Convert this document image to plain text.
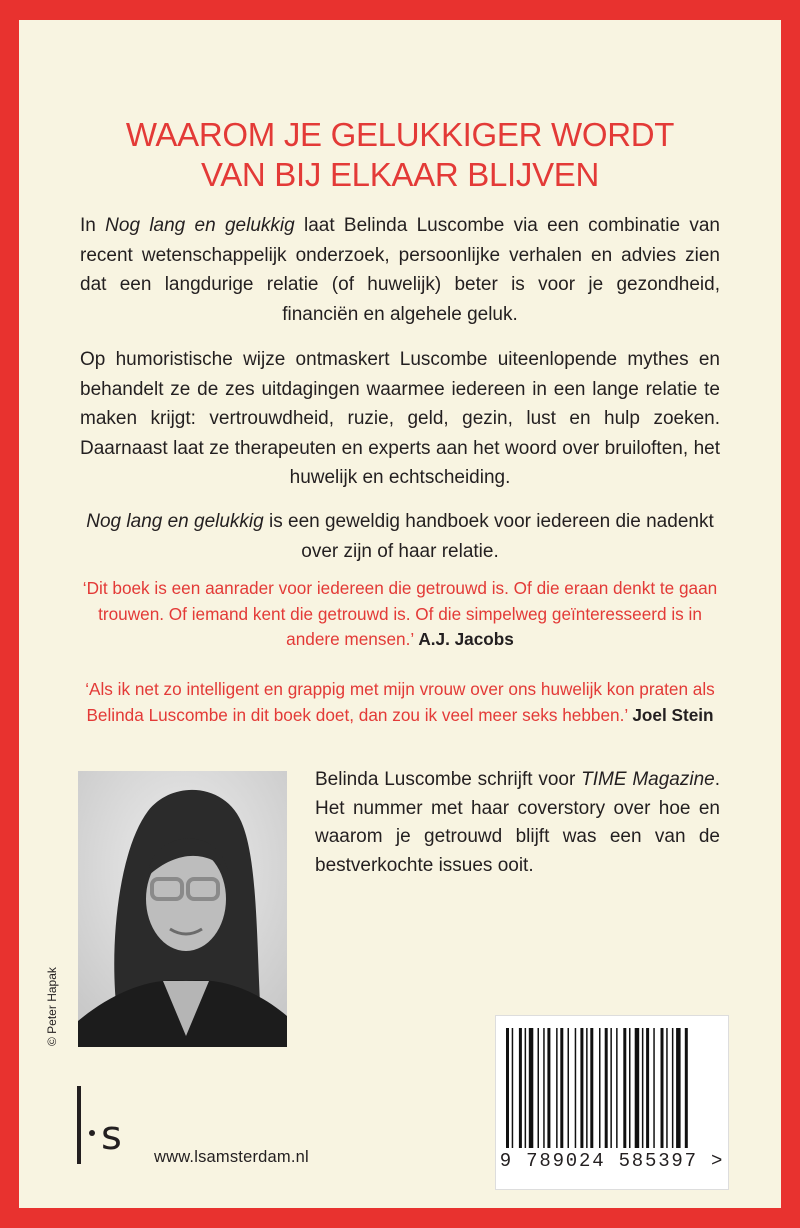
WAAROM JE GELUKKIGER WORDT
VAN BIJ ELKAAR BLIJVEN

In Nog lang en gelukkig laat Belinda Luscombe via een combinatie van recent wetenschappelijk onderzoek, persoonlijke verhalen en advies zien dat een langdurige relatie (of huwelijk) beter is voor je gezondheid, financiën en algehele geluk.

Op humoristische wijze ontmaskert Luscombe uiteenlopende mythes en behandelt ze de zes uitdagingen waarmee iedereen in een lange relatie te maken krijgt: vertrouwdheid, ruzie, geld, gezin, lust en hulp zoeken. Daarnaast laat ze therapeuten en experts aan het woord over bruiloften, het huwelijk en echtscheiding.

Nog lang en gelukkig is een geweldig handboek voor iedereen die nadenkt over zijn of haar relatie.

‘Dit boek is een aanrader voor iedereen die getrouwd is. Of die eraan denkt te gaan trouwen. Of iemand kent die getrouwd is. Of die simpelweg geïnteresseerd is in andere mensen.’ A.J. Jacobs

‘Als ik net zo intelligent en grappig met mijn vrouw over ons huwelijk kon praten als Belinda Luscombe in dit boek doet, dan zou ik veel meer seks hebben.’ Joel Stein

© Peter Hapak

Belinda Luscombe schrijft voor TIME Magazine. Het nummer met haar coverstory over hoe en waarom je getrouwd blijft was een van de bestverkochte issues ooit.

s www.lsamsterdam.nl	9 789024 585397 >
